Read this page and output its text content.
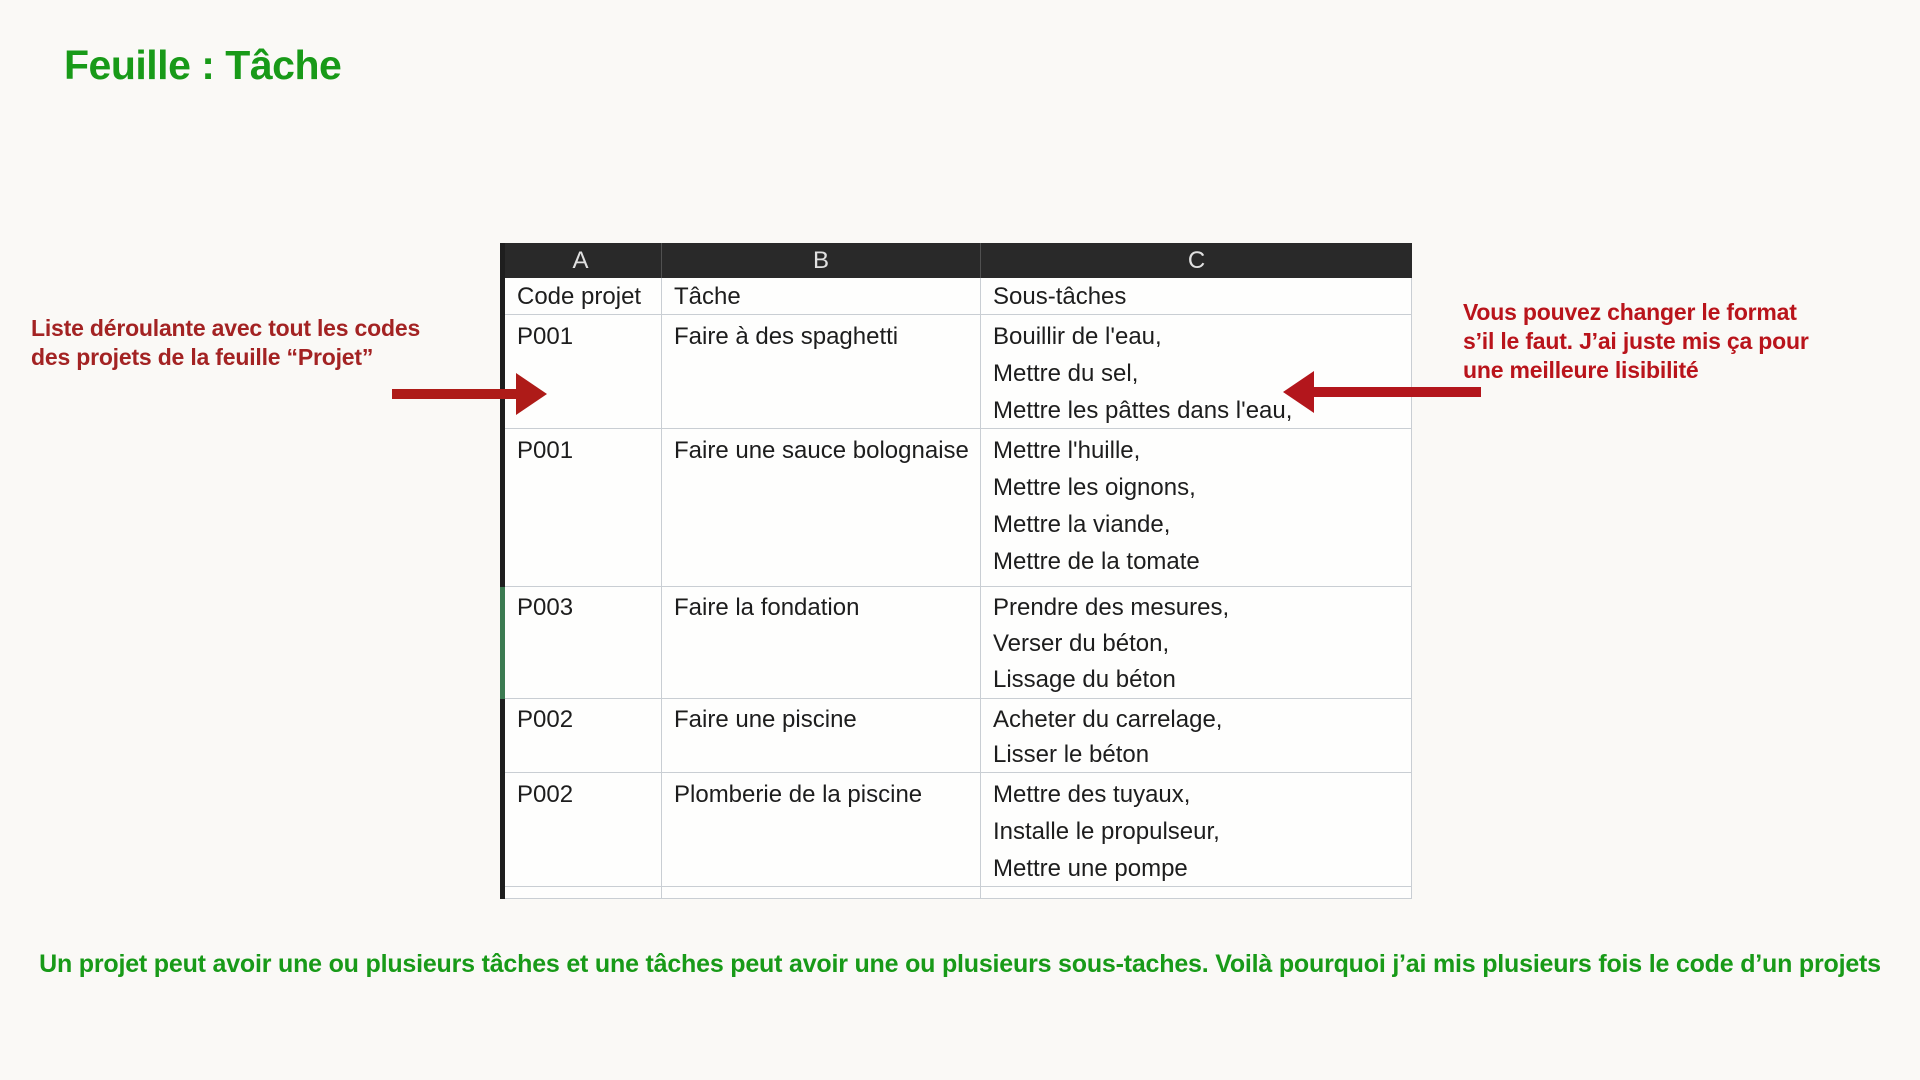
Feuille : Tâche
A	B	C
Code projet	Tâche	Sous-tâches
P001	Faire à des spaghetti	Bouillir de l'eau,
Mettre du sel,
Mettre les pâttes dans l'eau,
P001	Faire une sauce bolognaise	Mettre l'huille,
Mettre les oignons,
Mettre la viande,
Mettre de la tomate
P003	Faire la fondation	Prendre des mesures,
Verser du béton,
Lissage du béton
P002	Faire une piscine	Acheter du carrelage,
Lisser le béton
P002	Plomberie de la piscine	Mettre des tuyaux,
Installe le propulseur,
Mettre une pompe
Liste déroulante avec tout les codes
des projets de la feuille “Projet”
Vous pouvez changer le format
s’il le faut. J’ai juste mis ça pour
une meilleure lisibilité
Un projet peut avoir une ou plusieurs tâches et une tâches peut avoir une ou plusieurs sous-taches. Voilà pourquoi j’ai mis plusieurs fois le code d’un projets
